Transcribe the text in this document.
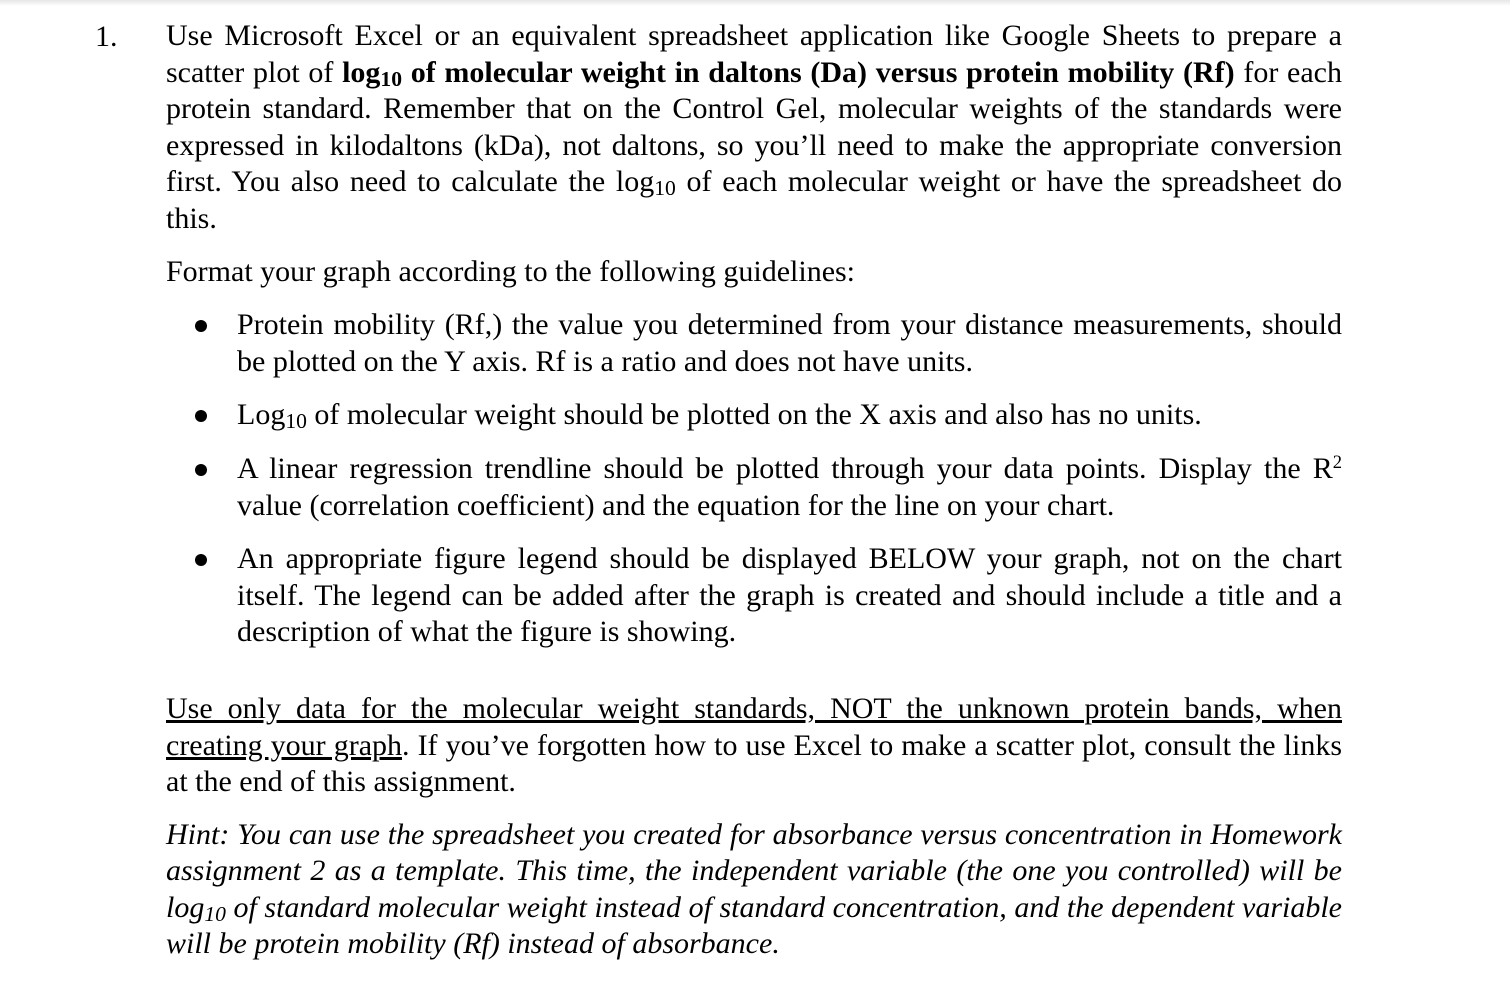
1. Use Microsoft Excel or an equivalent spreadsheet application like Google Sheets to prepare a scatter plot of $\log_{10}$ of molecular weight in daltons (Da) versus protein mobility (Rf) for each protein standard. Remember that on the Control Gel, molecular weights of the standards were expressed in kilodaltons (kDa), not daltons, so you’ll need to make the appropriate conversion first. You also need to calculate the $\log_{10}$ of each molecular weight or have the spreadsheet do this.

Format your graph according to the following guidelines:

Protein mobility (Rf,) the value you determined from your distance measurements, should be plotted on the Y axis. Rf is a ratio and does not have units.
Log$_{10}$ of molecular weight should be plotted on the X axis and also has no units.
A linear regression trendline should be plotted through your data points. Display the $R^2$ value (correlation coefficient) and the equation for the line on your chart.
An appropriate figure legend should be displayed BELOW your graph, not on the chart itself. The legend can be added after the graph is created and should include a title and a description of what the figure is showing.

Use only data for the molecular weight standards, NOT the unknown protein bands, when creating your graph. If you’ve forgotten how to use Excel to make a scatter plot, consult the links at the end of this assignment.

Hint: You can use the spreadsheet you created for absorbance versus concentration in Homework assignment 2 as a template. This time, the independent variable (the one you controlled) will be $\log_{10}$ of standard molecular weight instead of standard concentration, and the dependent variable will be protein mobility (Rf) instead of absorbance.
